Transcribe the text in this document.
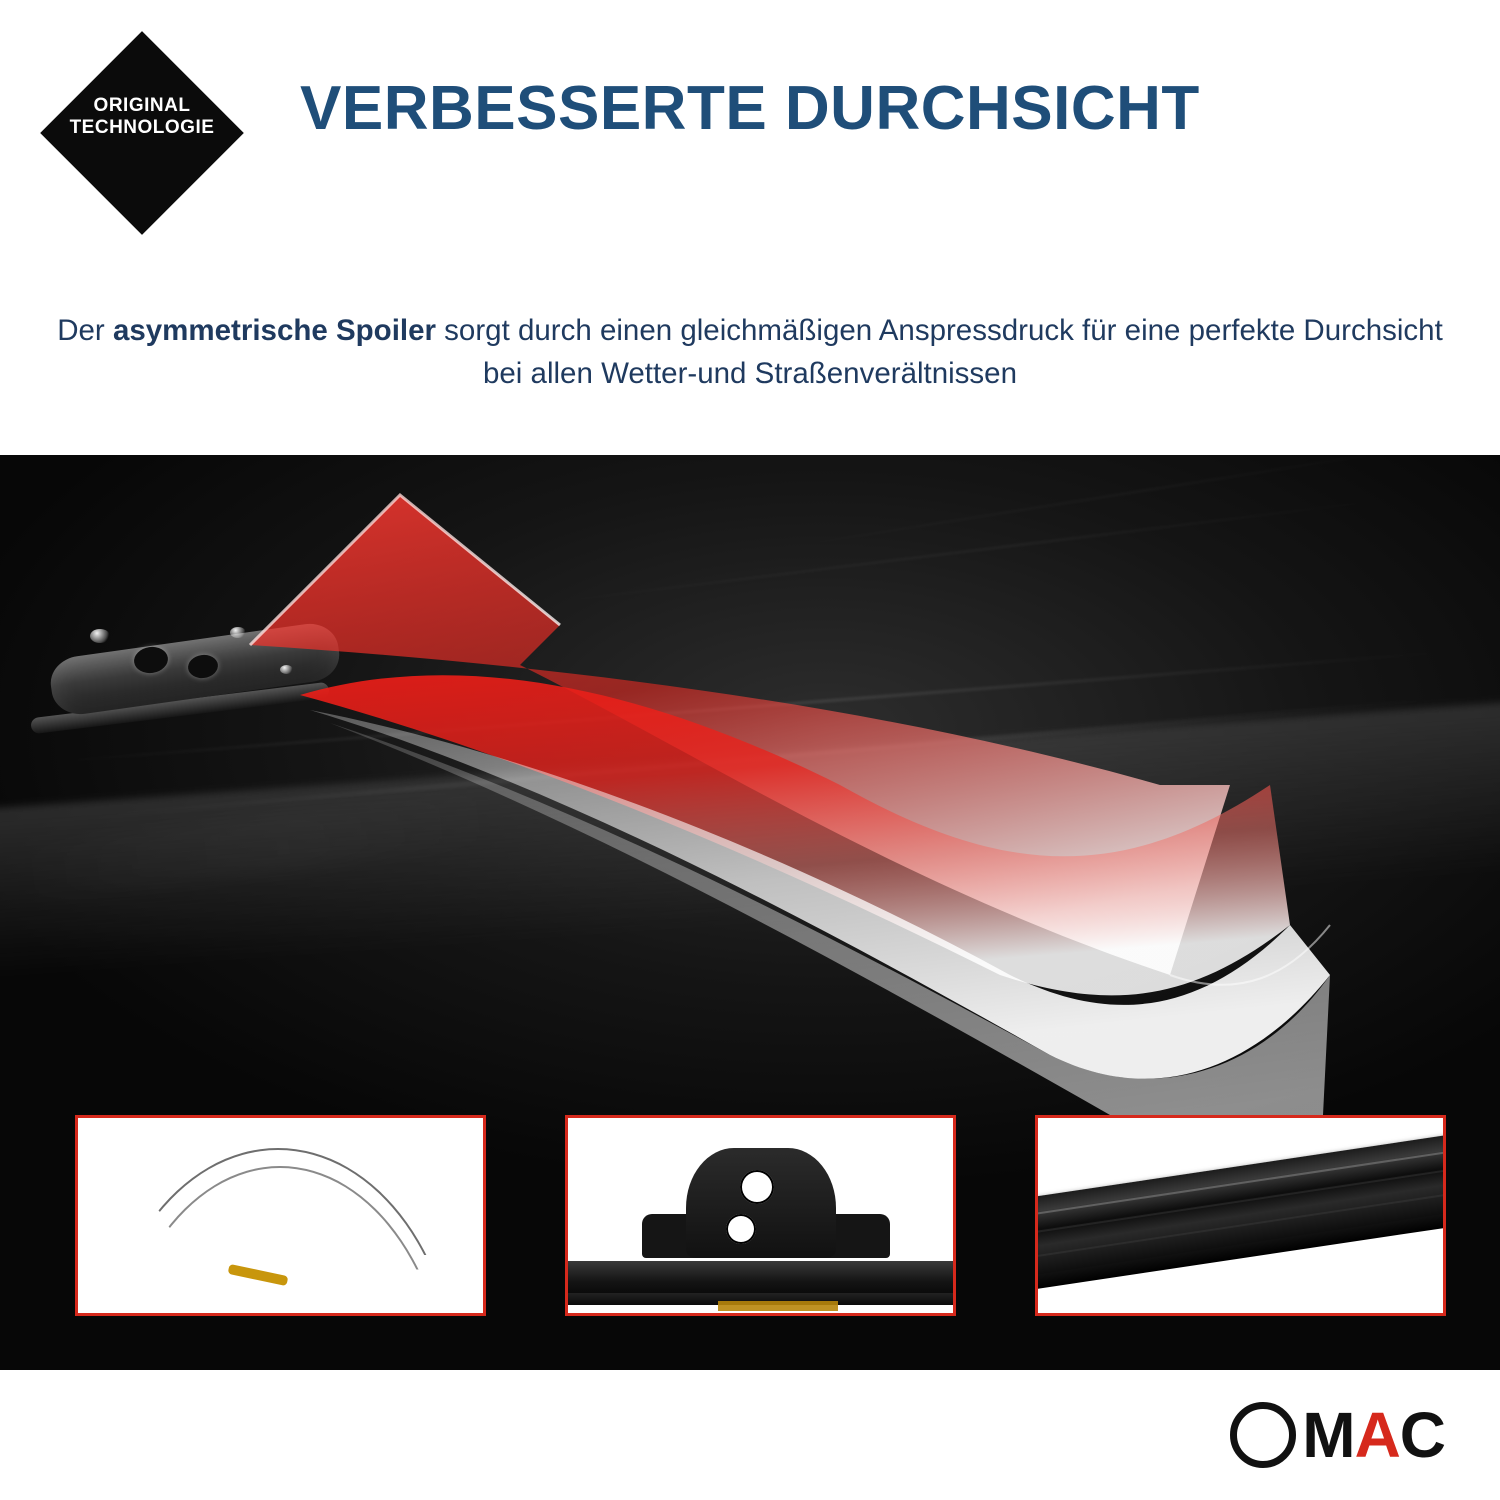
ORIGINAL
TECHNOLOGIE	VERBESSERTE DURCHSICHT
Der asymmetrische Spoiler sorgt durch einen gleichmäßigen Anspressdruck für eine perfekte Durchsicht bei allen Wetter-und Straßenverältnissen
M A C
